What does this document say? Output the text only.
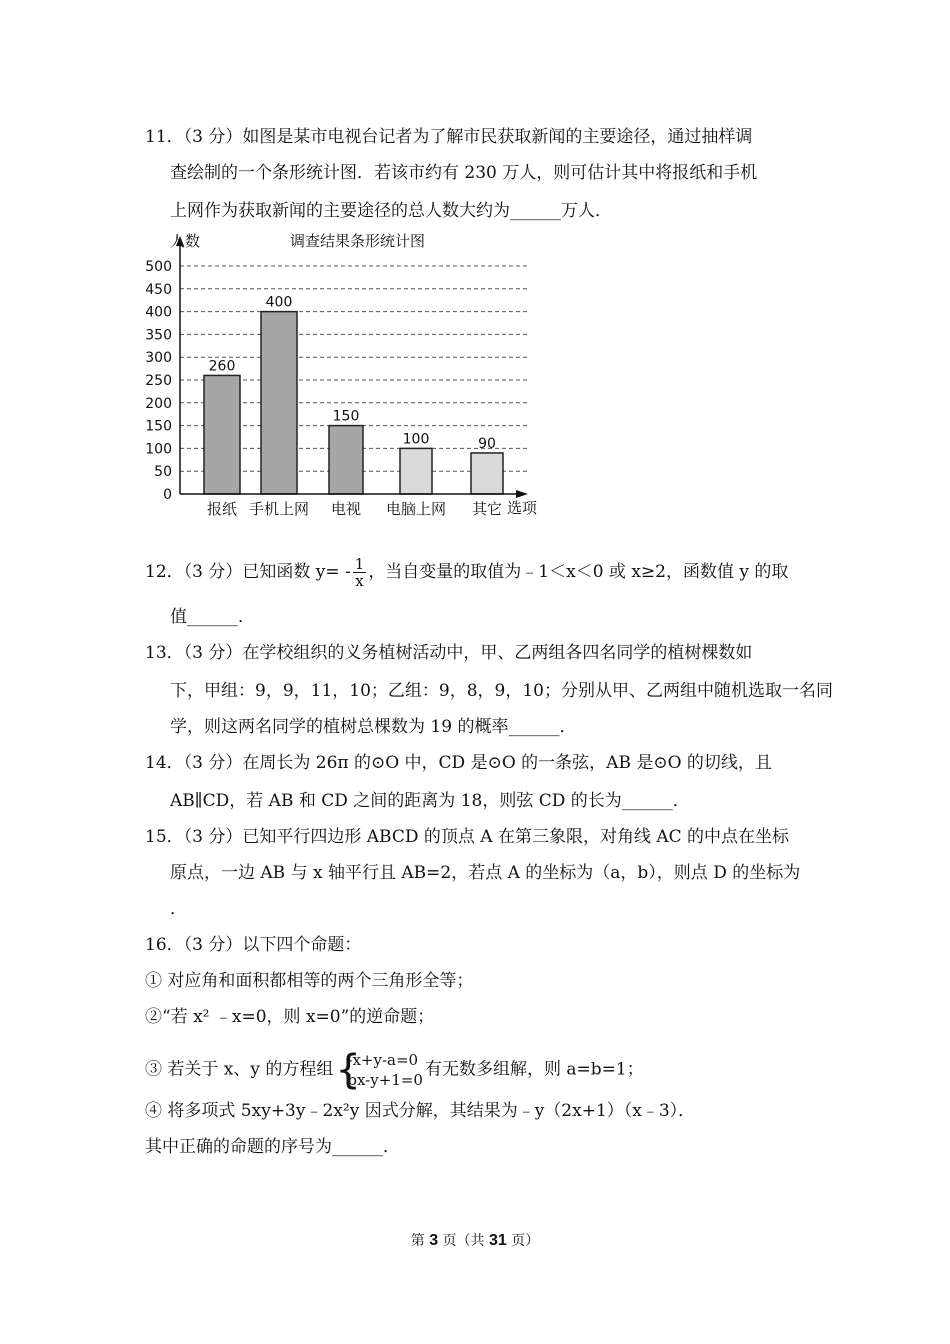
11．（3 分）如图是某市电视台记者为了解市民获取新闻的主要途径，通过抽样调
查绘制的一个条形统计图．若该市约有 230 万人，则可估计其中将报纸和手机
上网作为获取新闻的主要途径的总人数大约为______万人．
0
50
100
150
200
250
300
350
400
450
500
260
报纸
400
手机上网
150
电视
100
电脑上网
90
其它
人数	调查结果条形统计图
选项
12．（3 分）已知函数 $y= - \frac{1}{x}$ ，当自变量的取值为﹣1＜x＜0 或 x≥2，函数值 y 的取
值______．
13．（3 分）在学校组织的义务植树活动中，甲、乙两组各四名同学的植树棵数如
下，甲组：9，9，11，10；乙组：9，8，9，10；分别从甲、乙两组中随机选取一名同
学，则这两名同学的植树总棵数为 19 的概率______．
14．（3 分）在周长为 26π 的⊙O 中，CD 是⊙O 的一条弦，AB 是⊙O 的切线，且
AB∥CD，若 AB 和 CD 之间的距离为 18，则弦 CD 的长为______．
15．（3 分）已知平行四边形 ABCD 的顶点 A 在第三象限，对角线 AC 的中点在坐标
原点，一边 AB 与 x 轴平行且 AB=2，若点 A 的坐标为（a，b），则点 D 的坐标为
．
16．（3 分）以下四个命题：
① 对应角和面积都相等的两个三角形全等；
②“若 x² ﹣x=0，则 x=0”的逆命题；
③ 若关于 x、y 的方程组 {
-x+y-a=0
bx-y+1=0
有无数多组解，则 a=b=1；
④ 将多项式 5xy+3y﹣2x²y 因式分解，其结果为﹣y（2x+1）（x﹣3）．
其中正确的命题的序号为______．
第 3 页（共 31 页）
